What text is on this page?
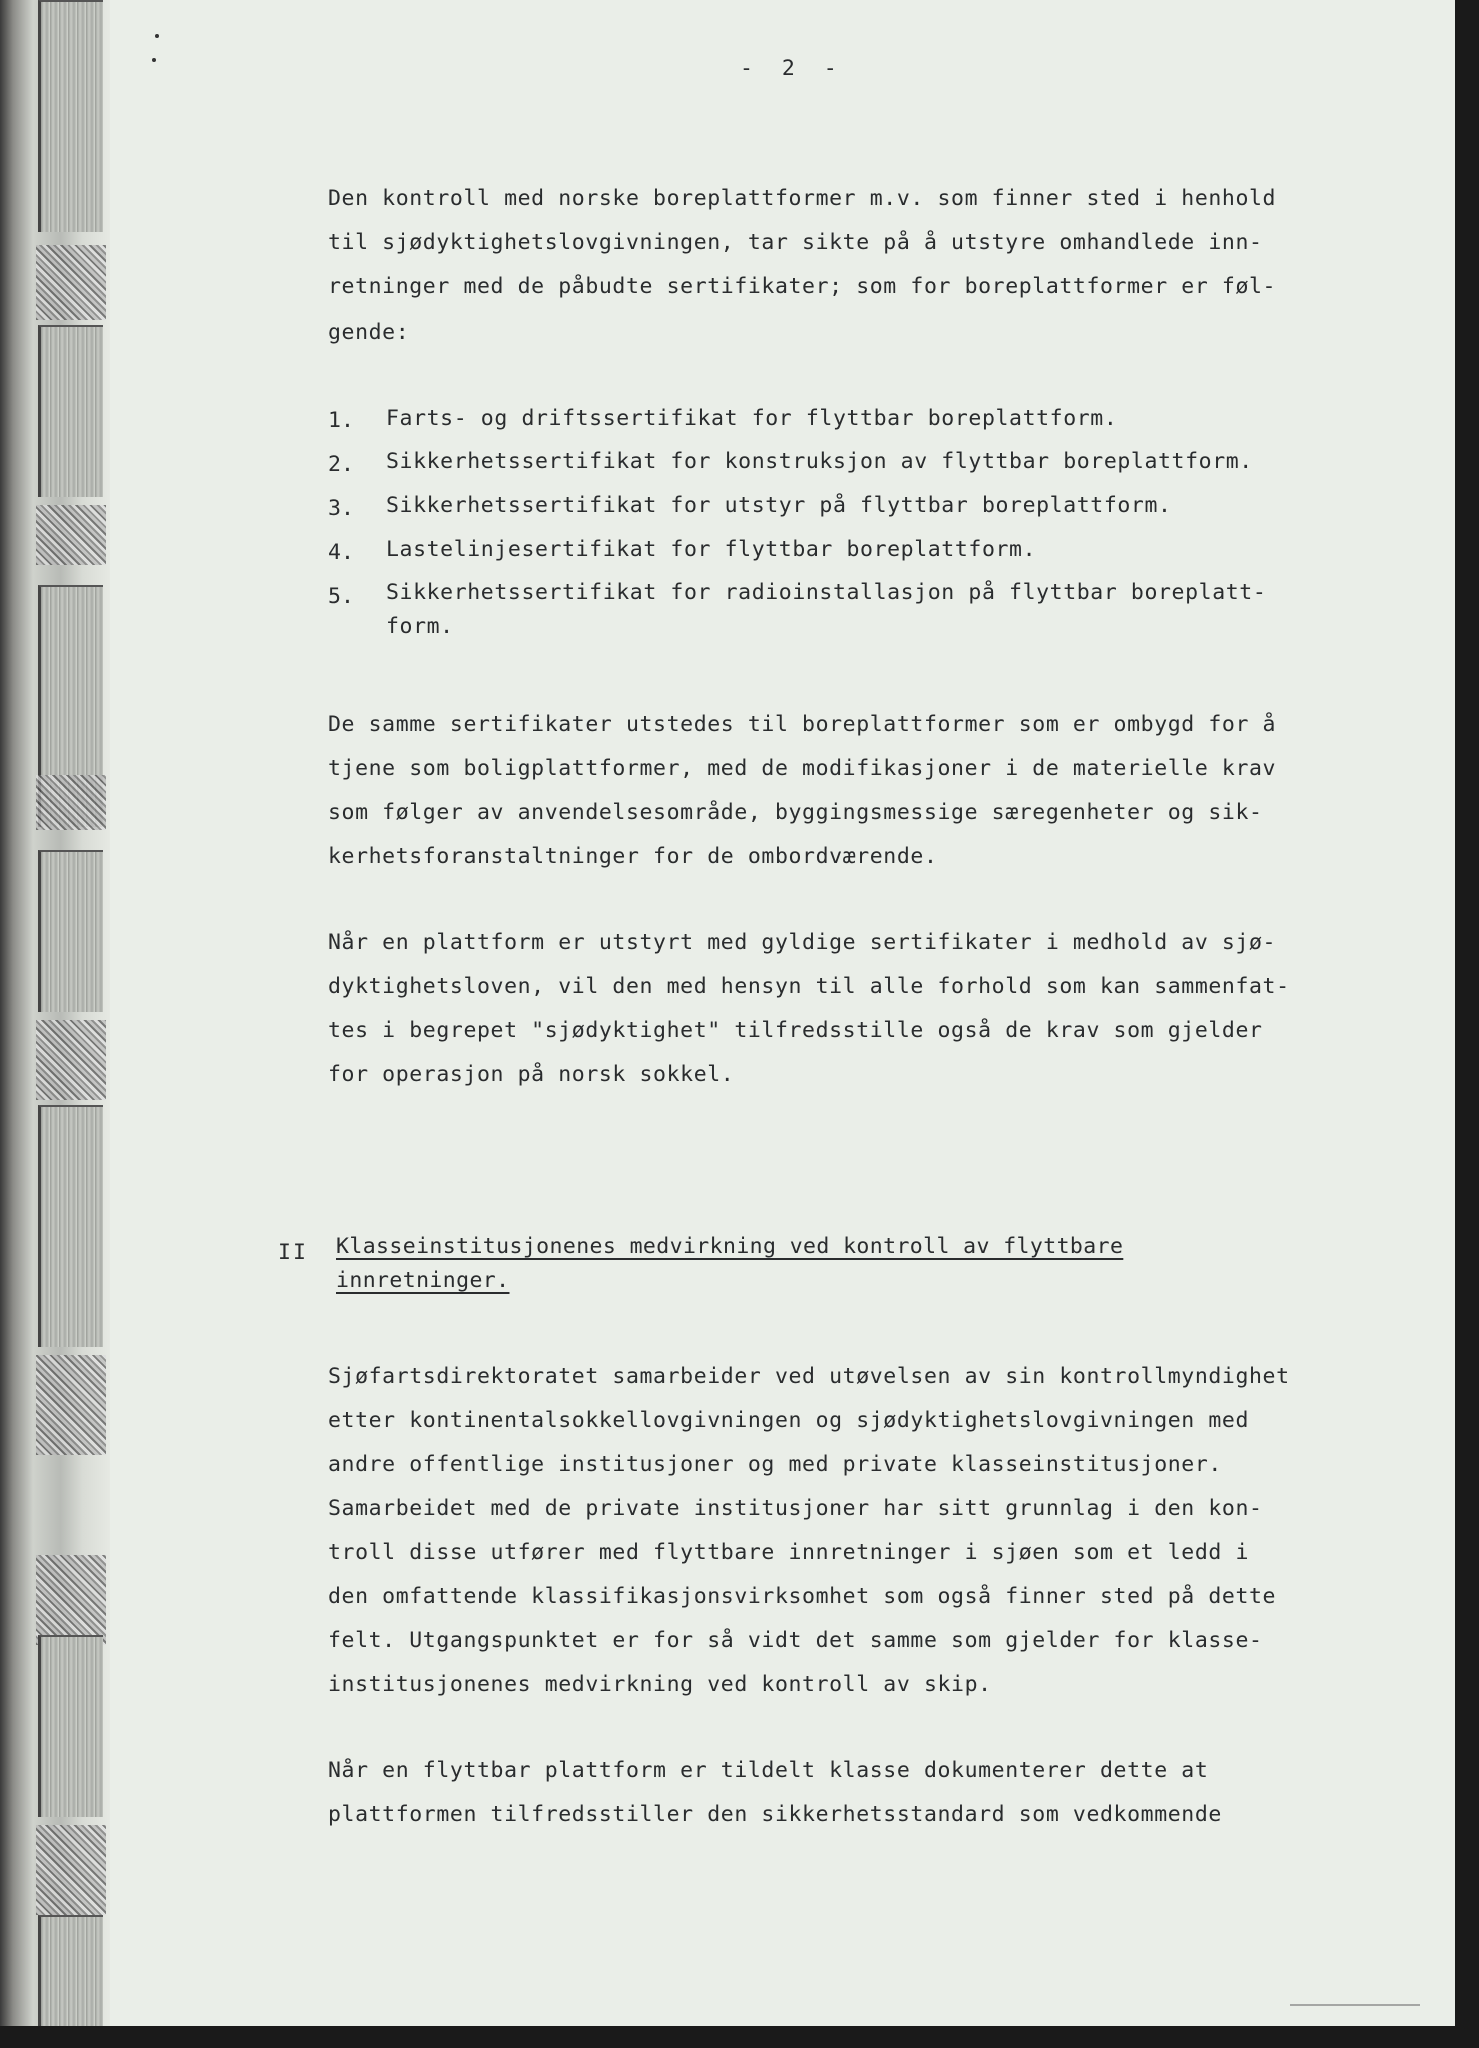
- 2 -
Den kontroll med norske boreplattformer m.v. som finner sted i henhold
til sjødyktighetslovgivningen, tar sikte på å utstyre omhandlede inn-
retninger med de påbudte sertifikater; som for boreplattformer er føl-
gende:
1. Farts- og driftssertifikat for flyttbar boreplattform.
2. Sikkerhetssertifikat for konstruksjon av flyttbar boreplattform.
3. Sikkerhetssertifikat for utstyr på flyttbar boreplattform.
4. Lastelinjesertifikat for flyttbar boreplattform.
5. Sikkerhetssertifikat for radioinstallasjon på flyttbar boreplatt-
form.
De samme sertifikater utstedes til boreplattformer som er ombygd for å
tjene som boligplattformer, med de modifikasjoner i de materielle krav
som følger av anvendelsesområde, byggingsmessige særegenheter og sik-
kerhetsforanstaltninger for de ombordværende.
Når en plattform er utstyrt med gyldige sertifikater i medhold av sjø-
dyktighetsloven, vil den med hensyn til alle forhold som kan sammenfat-
tes i begrepet "sjødyktighet" tilfredsstille også de krav som gjelder
for operasjon på norsk sokkel.
II Klasseinstitusjonenes medvirkning ved kontroll av flyttbare
innretninger.
Sjøfartsdirektoratet samarbeider ved utøvelsen av sin kontrollmyndighet
etter kontinentalsokkellovgivningen og sjødyktighetslovgivningen med
andre offentlige institusjoner og med private klasseinstitusjoner.
Samarbeidet med de private institusjoner har sitt grunnlag i den kon-
troll disse utfører med flyttbare innretninger i sjøen som et ledd i
den omfattende klassifikasjonsvirksomhet som også finner sted på dette
felt. Utgangspunktet er for så vidt det samme som gjelder for klasse-
institusjonenes medvirkning ved kontroll av skip.
Når en flyttbar plattform er tildelt klasse dokumenterer dette at
plattformen tilfredsstiller den sikkerhetsstandard som vedkommende
